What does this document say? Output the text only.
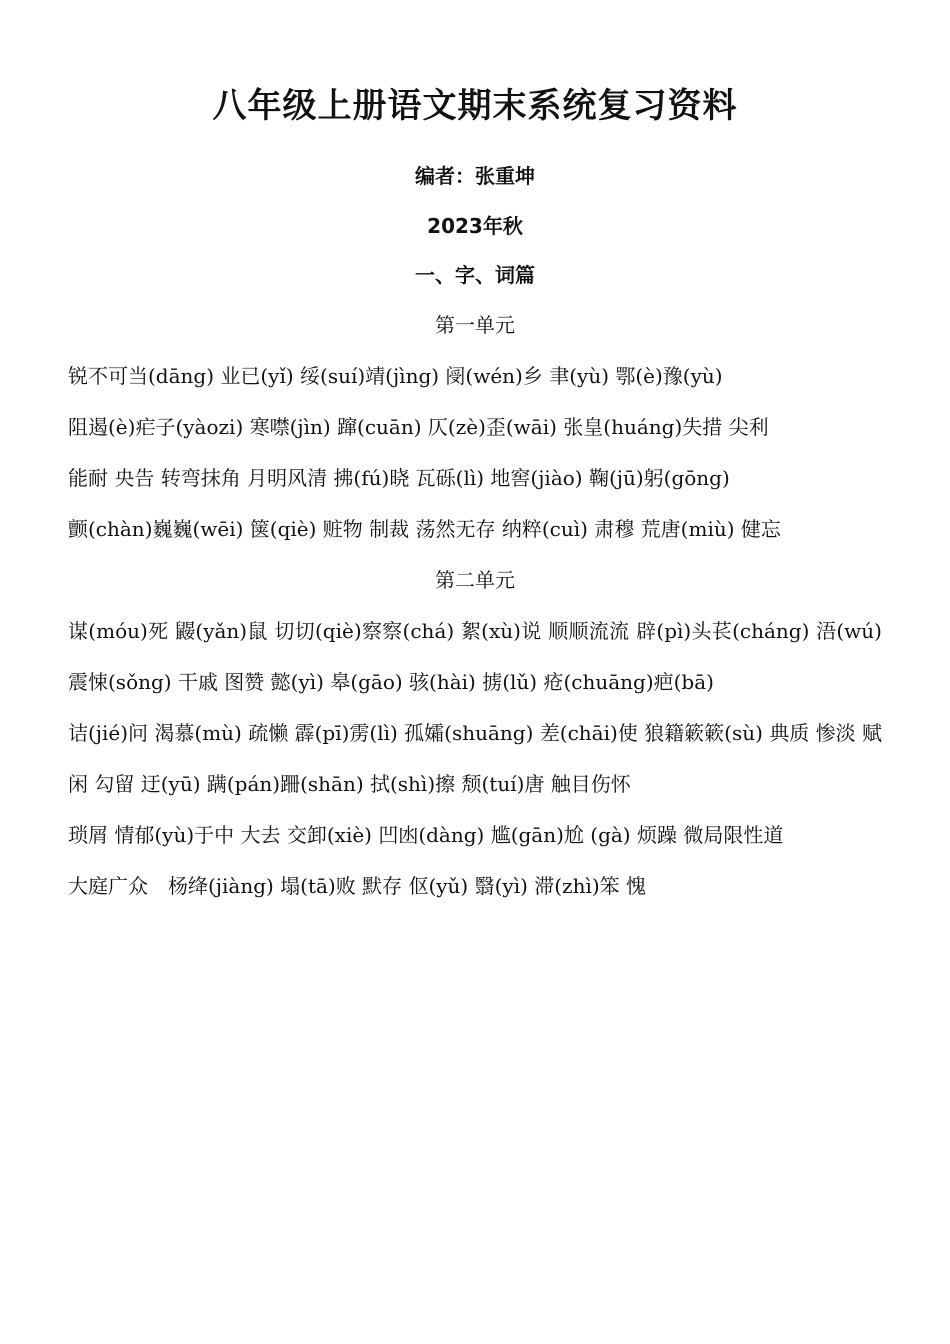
八年级上册语文期末系统复习资料
编者：张重坤
2023年秋
一、字、词篇
第一单元

锐不可当(dāng) 业已(yǐ) 绥(suí)靖(jìng) 阌(wén)乡 聿(yù) 鄂(è)豫(yù)

阻遏(è)疟子(yàozi) 寒噤(jìn) 蹿(cuān) 仄(zè)歪(wāi) 张皇(huáng)失措 尖利

能耐 央告 转弯抹角 月明风清 拂(fú)晓 瓦砾(lì) 地窖(jiào) 鞠(jū)躬(gōng)

颤(chàn)巍巍(wēi) 箧(qiè) 赃物 制裁 荡然无存 纳粹(cuì) 肃穆 荒唐(miù) 健忘

第二单元

谋(móu)死 鼹(yǎn)鼠 切切(qiè)察察(chá) 絮(xù)说 顺顺流流 辟(pì)头苌(cháng) 浯(wú) 震悚(sǒng) 干戚 图赞 懿(yì) 皋(gāo) 骇(hài) 掳(lǔ) 疮(chuāng)疤(bā)

诘(jié)问 渴慕(mù) 疏懒 霹(pī)雳(lì) 孤孀(shuāng) 差(chāi)使 狼籍簌簌(sù) 典质 惨淡 赋闲 勾留 迂(yū) 蹒(pán)跚(shān) 拭(shì)擦 颓(tuí)唐 触目伤怀

琐屑 情郁(yù)于中 大去 交卸(xiè) 凹凼(dàng) 尴(gān)尬 (gà) 烦躁 微局限性道

大庭广众　杨绛(jiàng) 塌(tā)败 默存 伛(yǔ) 翳(yì) 滞(zhì)笨 愧
